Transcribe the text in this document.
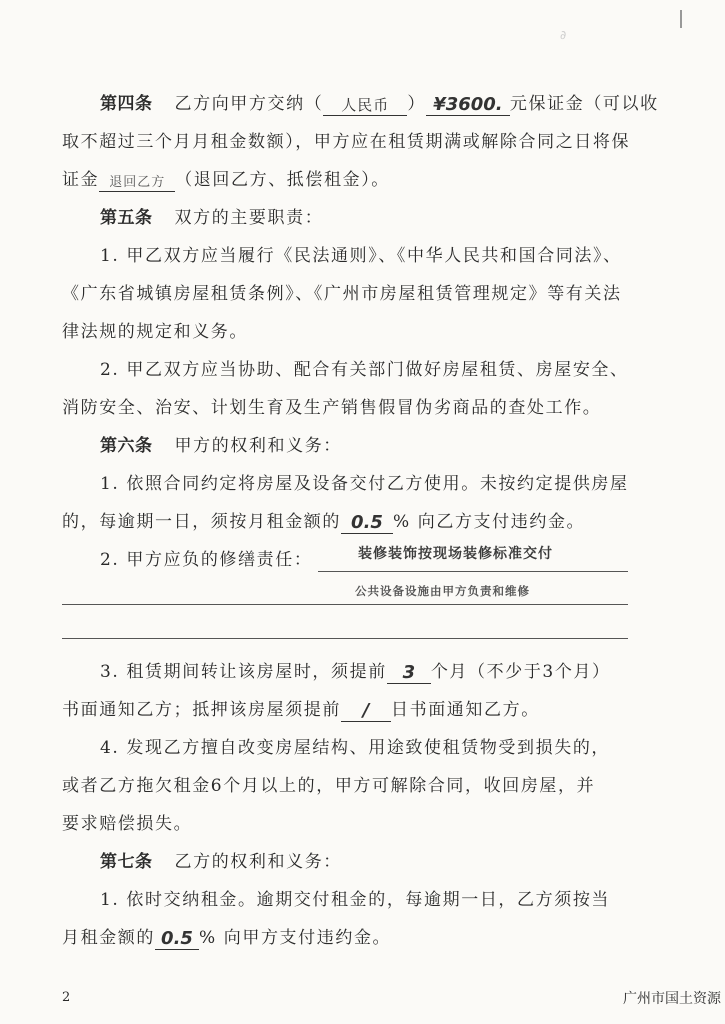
∂
第四条 乙方向甲方交纳（ 人民币 ） ¥3600. 元保证金（可以收
取不超过三个月月租金数额），甲方应在租赁期满或解除合同之日将保
证金 退回乙方 （退回乙方、抵偿租金）。
第五条 双方的主要职责：
1. 甲乙双方应当履行《民法通则》、《中华人民共和国合同法》、
《广东省城镇房屋租赁条例》、《广州市房屋租赁管理规定》等有关法
律法规的规定和义务。
2. 甲乙双方应当协助、配合有关部门做好房屋租赁、房屋安全、
消防安全、治安、计划生育及生产销售假冒伪劣商品的查处工作。
第六条 甲方的权利和义务：
1. 依照合同约定将房屋及设备交付乙方使用。未按约定提供房屋
的，每逾期一日，须按月租金额的 0.5 % 向乙方支付违约金。
2. 甲方应负的修缮责任：	装修装饰按现场装修标准交付
公共设备设施由甲方负责和维修
3. 租赁期间转让该房屋时，须提前 3 个月（不少于3个月）
书面通知乙方；抵押该房屋须提前 / 日书面通知乙方。
4. 发现乙方擅自改变房屋结构、用途致使租赁物受到损失的，
或者乙方拖欠租金6个月以上的，甲方可解除合同，收回房屋，并
要求赔偿损失。
第七条 乙方的权利和义务：
1. 依时交纳租金。逾期交付租金的，每逾期一日，乙方须按当
月租金额的 0.5 % 向甲方支付违约金。
2	广州市国土资源
